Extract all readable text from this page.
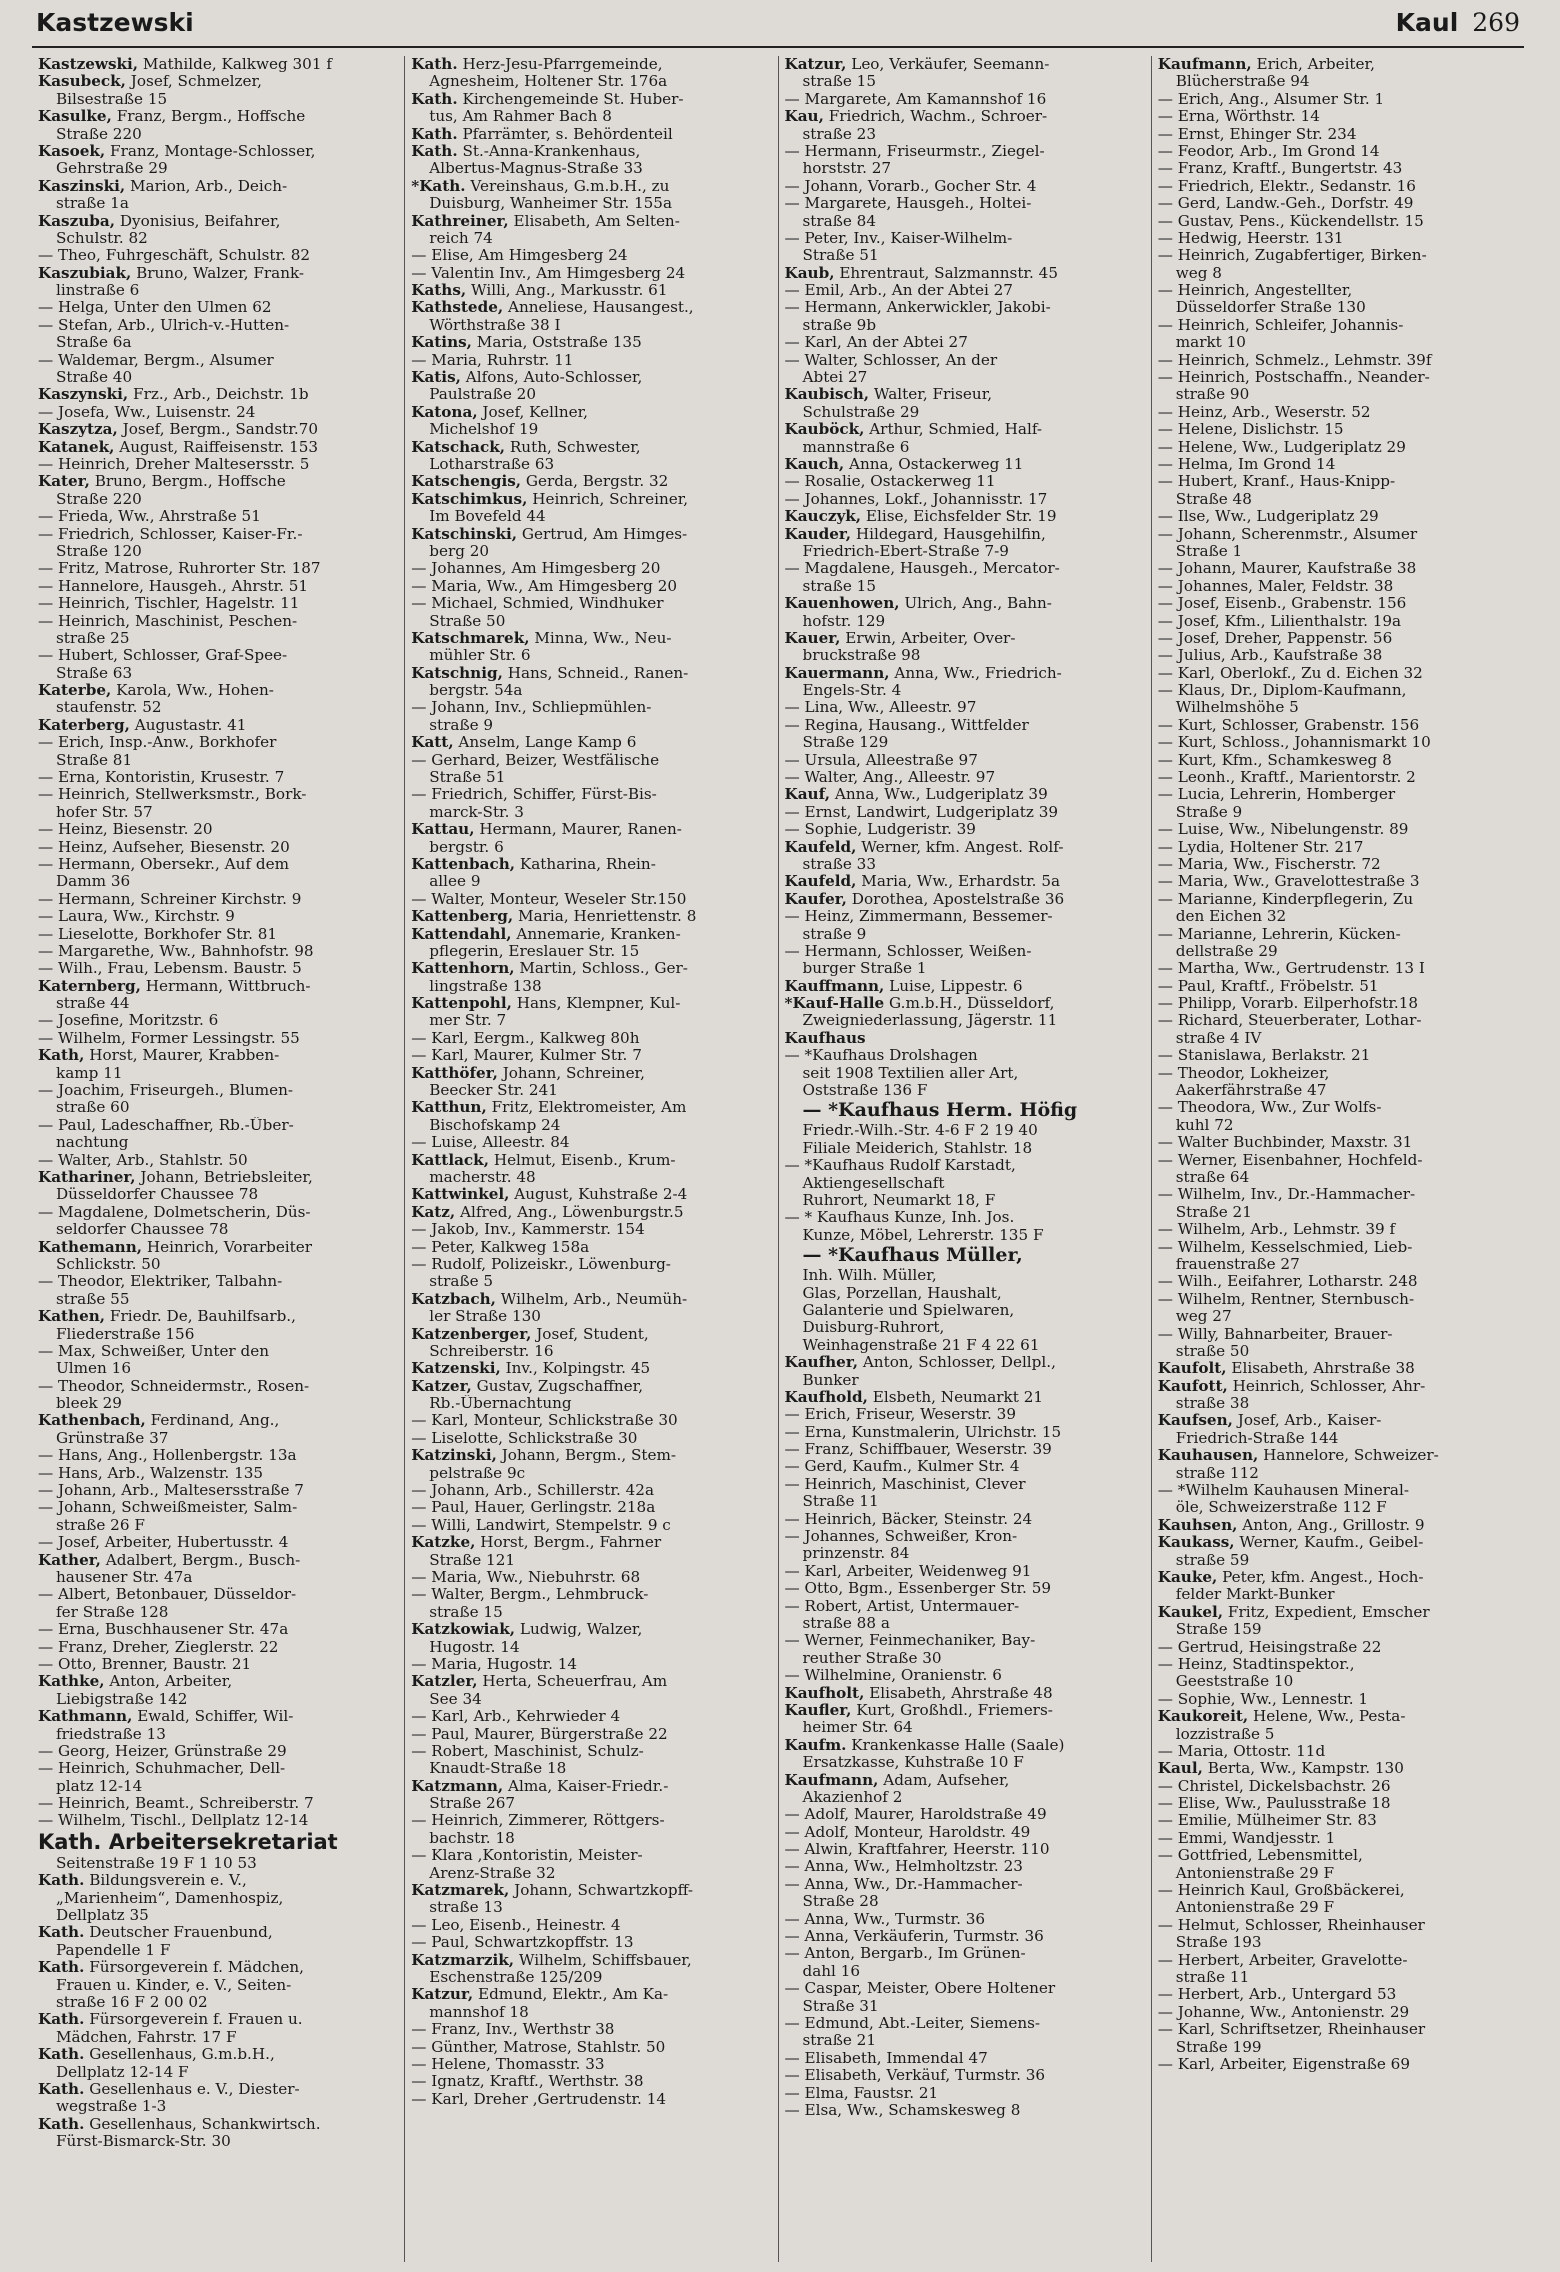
Kastzewski	Kaul 269
Kastzewski, Mathilde, Kalkweg 301 f
Kasubeck, Josef, Schmelzer,
Bilsestraße 15
Kasulke, Franz, Bergm., Hoffsche
Straße 220
Kasoek, Franz, Montage-Schlosser,
Gehrstraße 29
Kaszinski, Marion, Arb., Deich-
straße 1a
Kaszuba, Dyonisius, Beifahrer,
Schulstr. 82
— Theo, Fuhrgeschäft, Schulstr. 82
Kaszubiak, Bruno, Walzer, Frank-
linstraße 6
— Helga, Unter den Ulmen 62
— Stefan, Arb., Ulrich-v.-Hutten-
Straße 6a
— Waldemar, Bergm., Alsumer
Straße 40
Kaszynski, Frz., Arb., Deichstr. 1b
— Josefa, Ww., Luisenstr. 24
Kaszytza, Josef, Bergm., Sandstr.70
Katanek, August, Raiffeisenstr. 153
— Heinrich, Dreher Maltesersstr. 5
Kater, Bruno, Bergm., Hoffsche
Straße 220
— Frieda, Ww., Ahrstraße 51
— Friedrich, Schlosser, Kaiser-Fr.-
Straße 120
— Fritz, Matrose, Ruhrorter Str. 187
— Hannelore, Hausgeh., Ahrstr. 51
— Heinrich, Tischler, Hagelstr. 11
— Heinrich, Maschinist, Peschen-
straße 25
— Hubert, Schlosser, Graf-Spee-
Straße 63
Katerbe, Karola, Ww., Hohen-
staufenstr. 52
Katerberg, Augustastr. 41
— Erich, Insp.-Anw., Borkhofer
Straße 81
— Erna, Kontoristin, Krusestr. 7
— Heinrich, Stellwerksmstr., Bork-
hofer Str. 57
— Heinz, Biesenstr. 20
— Heinz, Aufseher, Biesenstr. 20
— Hermann, Obersekr., Auf dem
Damm 36
— Hermann, Schreiner Kirchstr. 9
— Laura, Ww., Kirchstr. 9
— Lieselotte, Borkhofer Str. 81
— Margarethe, Ww., Bahnhofstr. 98
— Wilh., Frau, Lebensm. Baustr. 5
Katernberg, Hermann, Wittbruch-
straße 44
— Josefine, Moritzstr. 6
— Wilhelm, Former Lessingstr. 55
Kath, Horst, Maurer, Krabben-
kamp 11
— Joachim, Friseurgeh., Blumen-
straße 60
— Paul, Ladeschaffner, Rb.-Über-
nachtung
— Walter, Arb., Stahlstr. 50
Kathariner, Johann, Betriebsleiter,
Düsseldorfer Chaussee 78
— Magdalene, Dolmetscherin, Düs-
seldorfer Chaussee 78
Kathemann, Heinrich, Vorarbeiter
Schlickstr. 50
— Theodor, Elektriker, Talbahn-
straße 55
Kathen, Friedr. De, Bauhilfsarb.,
Fliederstraße 156
— Max, Schweißer, Unter den
Ulmen 16
— Theodor, Schneidermstr., Rosen-
bleek 29
Kathenbach, Ferdinand, Ang.,
Grünstraße 37
— Hans, Ang., Hollenbergstr. 13a
— Hans, Arb., Walzenstr. 135
— Johann, Arb., Maltesersstraße 7
— Johann, Schweißmeister, Salm-
straße 26 F
— Josef, Arbeiter, Hubertusstr. 4
Kather, Adalbert, Bergm., Busch-
hausener Str. 47a
— Albert, Betonbauer, Düsseldor-
fer Straße 128
— Erna, Buschhausener Str. 47a
— Franz, Dreher, Zieglerstr. 22
— Otto, Brenner, Baustr. 21
Kathke, Anton, Arbeiter,
Liebigstraße 142
Kathmann, Ewald, Schiffer, Wil-
friedstraße 13
— Georg, Heizer, Grünstraße 29
— Heinrich, Schuhmacher, Dell-
platz 12-14
— Heinrich, Beamt., Schreiberstr. 7
— Wilhelm, Tischl., Dellplatz 12-14
Kath. Arbeitersekretariat
Seitenstraße 19 F 1 10 53
Kath. Bildungsverein e. V.,
„Marienheim“, Damenhospiz,
Dellplatz 35
Kath. Deutscher Frauenbund,
Papendelle 1 F
Kath. Fürsorgeverein f. Mädchen,
Frauen u. Kinder, e. V., Seiten-
straße 16 F 2 00 02
Kath. Fürsorgeverein f. Frauen u.
Mädchen, Fahrstr. 17 F
Kath. Gesellenhaus, G.m.b.H.,
Dellplatz 12-14 F
Kath. Gesellenhaus e. V., Diester-
wegstraße 1-3
Kath. Gesellenhaus, Schankwirtsch.
Fürst-Bismarck-Str. 30
Kath. Herz-Jesu-Pfarrgemeinde,
Agnesheim, Holtener Str. 176a
Kath. Kirchengemeinde St. Huber-
tus, Am Rahmer Bach 8
Kath. Pfarrämter, s. Behördenteil
Kath. St.-Anna-Krankenhaus,
Albertus-Magnus-Straße 33
*Kath. Vereinshaus, G.m.b.H., zu
Duisburg, Wanheimer Str. 155a
Kathreiner, Elisabeth, Am Selten-
reich 74
— Elise, Am Himgesberg 24
— Valentin Inv., Am Himgesberg 24
Kaths, Willi, Ang., Markusstr. 61
Kathstede, Anneliese, Hausangest.,
Wörthstraße 38 I
Katins, Maria, Oststraße 135
— Maria, Ruhrstr. 11
Katis, Alfons, Auto-Schlosser,
Paulstraße 20
Katona, Josef, Kellner,
Michelshof 19
Katschack, Ruth, Schwester,
Lotharstraße 63
Katschengis, Gerda, Bergstr. 32
Katschimkus, Heinrich, Schreiner,
Im Bovefeld 44
Katschinski, Gertrud, Am Himges-
berg 20
— Johannes, Am Himgesberg 20
— Maria, Ww., Am Himgesberg 20
— Michael, Schmied, Windhuker
Straße 50
Katschmarek, Minna, Ww., Neu-
mühler Str. 6
Katschnig, Hans, Schneid., Ranen-
bergstr. 54a
— Johann, Inv., Schliepmühlen-
straße 9
Katt, Anselm, Lange Kamp 6
— Gerhard, Beizer, Westfälische
Straße 51
— Friedrich, Schiffer, Fürst-Bis-
marck-Str. 3
Kattau, Hermann, Maurer, Ranen-
bergstr. 6
Kattenbach, Katharina, Rhein-
allee 9
— Walter, Monteur, Weseler Str.150
Kattenberg, Maria, Henriettenstr. 8
Kattendahl, Annemarie, Kranken-
pflegerin, Ereslauer Str. 15
Kattenhorn, Martin, Schloss., Ger-
lingstraße 138
Kattenpohl, Hans, Klempner, Kul-
mer Str. 7
— Karl, Eergm., Kalkweg 80h
— Karl, Maurer, Kulmer Str. 7
Katthöfer, Johann, Schreiner,
Beecker Str. 241
Katthun, Fritz, Elektromeister, Am
Bischofskamp 24
— Luise, Alleestr. 84
Kattlack, Helmut, Eisenb., Krum-
macherstr. 48
Kattwinkel, August, Kuhstraße 2-4
Katz, Alfred, Ang., Löwenburgstr.5
— Jakob, Inv., Kammerstr. 154
— Peter, Kalkweg 158a
— Rudolf, Polizeiskr., Löwenburg-
straße 5
Katzbach, Wilhelm, Arb., Neumüh-
ler Straße 130
Katzenberger, Josef, Student,
Schreiberstr. 16
Katzenski, Inv., Kolpingstr. 45
Katzer, Gustav, Zugschaffner,
Rb.-Übernachtung
— Karl, Monteur, Schlickstraße 30
— Liselotte, Schlickstraße 30
Katzinski, Johann, Bergm., Stem-
pelstraße 9c
— Johann, Arb., Schillerstr. 42a
— Paul, Hauer, Gerlingstr. 218a
— Willi, Landwirt, Stempelstr. 9 c
Katzke, Horst, Bergm., Fahrner
Straße 121
— Maria, Ww., Niebuhrstr. 68
— Walter, Bergm., Lehmbruck-
straße 15
Katzkowiak, Ludwig, Walzer,
Hugostr. 14
— Maria, Hugostr. 14
Katzler, Herta, Scheuerfrau, Am
See 34
— Karl, Arb., Kehrwieder 4
— Paul, Maurer, Bürgerstraße 22
— Robert, Maschinist, Schulz-
Knaudt-Straße 18
Katzmann, Alma, Kaiser-Friedr.-
Straße 267
— Heinrich, Zimmerer, Röttgers-
bachstr. 18
— Klara ,Kontoristin, Meister-
Arenz-Straße 32
Katzmarek, Johann, Schwartzkopff-
straße 13
— Leo, Eisenb., Heinestr. 4
— Paul, Schwartzkopffstr. 13
Katzmarzik, Wilhelm, Schiffsbauer,
Eschenstraße 125/209
Katzur, Edmund, Elektr., Am Ka-
mannshof 18
— Franz, Inv., Werthstr 38
— Günther, Matrose, Stahlstr. 50
— Helene, Thomasstr. 33
— Ignatz, Kraftf., Werthstr. 38
— Karl, Dreher ,Gertrudenstr. 14
Katzur, Leo, Verkäufer, Seemann-
straße 15
— Margarete, Am Kamannshof 16
Kau, Friedrich, Wachm., Schroer-
straße 23
— Hermann, Friseurmstr., Ziegel-
horststr. 27
— Johann, Vorarb., Gocher Str. 4
— Margarete, Hausgeh., Holtei-
straße 84
— Peter, Inv., Kaiser-Wilhelm-
Straße 51
Kaub, Ehrentraut, Salzmannstr. 45
— Emil, Arb., An der Abtei 27
— Hermann, Ankerwickler, Jakobi-
straße 9b
— Karl, An der Abtei 27
— Walter, Schlosser, An der
Abtei 27
Kaubisch, Walter, Friseur,
Schulstraße 29
Kauböck, Arthur, Schmied, Half-
mannstraße 6
Kauch, Anna, Ostackerweg 11
— Rosalie, Ostackerweg 11
— Johannes, Lokf., Johannisstr. 17
Kauczyk, Elise, Eichsfelder Str. 19
Kauder, Hildegard, Hausgehilfin,
Friedrich-Ebert-Straße 7-9
— Magdalene, Hausgeh., Mercator-
straße 15
Kauenhowen, Ulrich, Ang., Bahn-
hofstr. 129
Kauer, Erwin, Arbeiter, Over-
bruckstraße 98
Kauermann, Anna, Ww., Friedrich-
Engels-Str. 4
— Lina, Ww., Alleestr. 97
— Regina, Hausang., Wittfelder
Straße 129
— Ursula, Alleestraße 97
— Walter, Ang., Alleestr. 97
Kauf, Anna, Ww., Ludgeriplatz 39
— Ernst, Landwirt, Ludgeriplatz 39
— Sophie, Ludgeristr. 39
Kaufeld, Werner, kfm. Angest. Rolf-
straße 33
Kaufeld, Maria, Ww., Erhardstr. 5a
Kaufer, Dorothea, Apostelstraße 36
— Heinz, Zimmermann, Bessemer-
straße 9
— Hermann, Schlosser, Weißen-
burger Straße 1
Kauffmann, Luise, Lippestr. 6
*Kauf-Halle G.m.b.H., Düsseldorf,
Zweigniederlassung, Jägerstr. 11
Kaufhaus
— *Kaufhaus Drolshagen
seit 1908 Textilien aller Art,
Oststraße 136 F
— *Kaufhaus Herm. Höfig
Friedr.-Wilh.-Str. 4-6 F 2 19 40
Filiale Meiderich, Stahlstr. 18
— *Kaufhaus Rudolf Karstadt,
Aktiengesellschaft
Ruhrort, Neumarkt 18, F
— * Kaufhaus Kunze, Inh. Jos.
Kunze, Möbel, Lehrerstr. 135 F
— *Kaufhaus Müller,
Inh. Wilh. Müller,
Glas, Porzellan, Haushalt,
Galanterie und Spielwaren,
Duisburg-Ruhrort,
Weinhagenstraße 21 F 4 22 61
Kaufher, Anton, Schlosser, Dellpl.,
Bunker
Kaufhold, Elsbeth, Neumarkt 21
— Erich, Friseur, Weserstr. 39
— Erna, Kunstmalerin, Ulrichstr. 15
— Franz, Schiffbauer, Weserstr. 39
— Gerd, Kaufm., Kulmer Str. 4
— Heinrich, Maschinist, Clever
Straße 11
— Heinrich, Bäcker, Steinstr. 24
— Johannes, Schweißer, Kron-
prinzenstr. 84
— Karl, Arbeiter, Weidenweg 91
— Otto, Bgm., Essenberger Str. 59
— Robert, Artist, Untermauer-
straße 88 a
— Werner, Feinmechaniker, Bay-
reuther Straße 30
— Wilhelmine, Oranienstr. 6
Kaufholt, Elisabeth, Ahrstraße 48
Kaufler, Kurt, Großhdl., Friemers-
heimer Str. 64
Kaufm. Krankenkasse Halle (Saale)
Ersatzkasse, Kuhstraße 10 F
Kaufmann, Adam, Aufseher,
Akazienhof 2
— Adolf, Maurer, Haroldstraße 49
— Adolf, Monteur, Haroldstr. 49
— Alwin, Kraftfahrer, Heerstr. 110
— Anna, Ww., Helmholtzstr. 23
— Anna, Ww., Dr.-Hammacher-
Straße 28
— Anna, Ww., Turmstr. 36
— Anna, Verkäuferin, Turmstr. 36
— Anton, Bergarb., Im Grünen-
dahl 16
— Caspar, Meister, Obere Holtener
Straße 31
— Edmund, Abt.-Leiter, Siemens-
straße 21
— Elisabeth, Immendal 47
— Elisabeth, Verkäuf, Turmstr. 36
— Elma, Faustsr. 21
— Elsa, Ww., Schamskesweg 8
Kaufmann, Erich, Arbeiter,
Blücherstraße 94
— Erich, Ang., Alsumer Str. 1
— Erna, Wörthstr. 14
— Ernst, Ehinger Str. 234
— Feodor, Arb., Im Grond 14
— Franz, Kraftf., Bungertstr. 43
— Friedrich, Elektr., Sedanstr. 16
— Gerd, Landw.-Geh., Dorfstr. 49
— Gustav, Pens., Kückendellstr. 15
— Hedwig, Heerstr. 131
— Heinrich, Zugabfertiger, Birken-
weg 8
— Heinrich, Angestellter,
Düsseldorfer Straße 130
— Heinrich, Schleifer, Johannis-
markt 10
— Heinrich, Schmelz., Lehmstr. 39f
— Heinrich, Postschaffn., Neander-
straße 90
— Heinz, Arb., Weserstr. 52
— Helene, Dislichstr. 15
— Helene, Ww., Ludgeriplatz 29
— Helma, Im Grond 14
— Hubert, Kranf., Haus-Knipp-
Straße 48
— Ilse, Ww., Ludgeriplatz 29
— Johann, Scherenmstr., Alsumer
Straße 1
— Johann, Maurer, Kaufstraße 38
— Johannes, Maler, Feldstr. 38
— Josef, Eisenb., Grabenstr. 156
— Josef, Kfm., Lilienthalstr. 19a
— Josef, Dreher, Pappenstr. 56
— Julius, Arb., Kaufstraße 38
— Karl, Oberlokf., Zu d. Eichen 32
— Klaus, Dr., Diplom-Kaufmann,
Wilhelmshöhe 5
— Kurt, Schlosser, Grabenstr. 156
— Kurt, Schloss., Johannismarkt 10
— Kurt, Kfm., Schamkesweg 8
— Leonh., Kraftf., Marientorstr. 2
— Lucia, Lehrerin, Homberger
Straße 9
— Luise, Ww., Nibelungenstr. 89
— Lydia, Holtener Str. 217
— Maria, Ww., Fischerstr. 72
— Maria, Ww., Gravelottestraße 3
— Marianne, Kinderpflegerin, Zu
den Eichen 32
— Marianne, Lehrerin, Kücken-
dellstraße 29
— Martha, Ww., Gertrudenstr. 13 I
— Paul, Kraftf., Fröbelstr. 51
— Philipp, Vorarb. Eilperhofstr.18
— Richard, Steuerberater, Lothar-
straße 4 IV
— Stanislawa, Berlakstr. 21
— Theodor, Lokheizer,
Aakerfährstraße 47
— Theodora, Ww., Zur Wolfs-
kuhl 72
— Walter Buchbinder, Maxstr. 31
— Werner, Eisenbahner, Hochfeld-
straße 64
— Wilhelm, Inv., Dr.-Hammacher-
Straße 21
— Wilhelm, Arb., Lehmstr. 39 f
— Wilhelm, Kesselschmied, Lieb-
frauenstraße 27
— Wilh., Eeifahrer, Lotharstr. 248
— Wilhelm, Rentner, Sternbusch-
weg 27
— Willy, Bahnarbeiter, Brauer-
straße 50
Kaufolt, Elisabeth, Ahrstraße 38
Kaufott, Heinrich, Schlosser, Ahr-
straße 38
Kaufsen, Josef, Arb., Kaiser-
Friedrich-Straße 144
Kauhausen, Hannelore, Schweizer-
straße 112
— *Wilhelm Kauhausen Mineral-
öle, Schweizerstraße 112 F
Kauhsen, Anton, Ang., Grillostr. 9
Kaukass, Werner, Kaufm., Geibel-
straße 59
Kauke, Peter, kfm. Angest., Hoch-
felder Markt-Bunker
Kaukel, Fritz, Expedient, Emscher
Straße 159
— Gertrud, Heisingstraße 22
— Heinz, Stadtinspektor.,
Geeststraße 10
— Sophie, Ww., Lennestr. 1
Kaukoreit, Helene, Ww., Pesta-
lozzistraße 5
— Maria, Ottostr. 11d
Kaul, Berta, Ww., Kampstr. 130
— Christel, Dickelsbachstr. 26
— Elise, Ww., Paulusstraße 18
— Emilie, Mülheimer Str. 83
— Emmi, Wandjesstr. 1
— Gottfried, Lebensmittel,
Antonienstraße 29 F
— Heinrich Kaul, Großbäckerei,
Antonienstraße 29 F
— Helmut, Schlosser, Rheinhauser
Straße 193
— Herbert, Arbeiter, Gravelotte-
straße 11
— Herbert, Arb., Untergard 53
— Johanne, Ww., Antonienstr. 29
— Karl, Schriftsetzer, Rheinhauser
Straße 199
— Karl, Arbeiter, Eigenstraße 69
